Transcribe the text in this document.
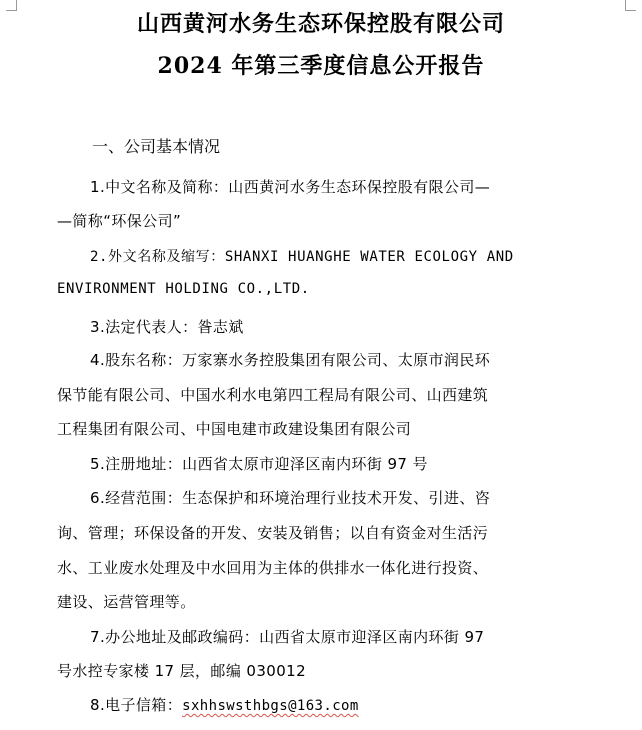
山西黄河水务生态环保控股有限公司
2024 年第三季度信息公开报告
一、公司基本情况
1.中文名称及简称：山西黄河水务生态环保控股有限公司—
—简称“环保公司”
2.外文名称及缩写：SHANXI HUANGHE WATER ECOLOGY AND
ENVIRONMENT HOLDING CO.,LTD.
3.法定代表人：昝志斌
4.股东名称：万家寨水务控股集团有限公司、太原市润民环
保节能有限公司、中国水利水电第四工程局有限公司、山西建筑
工程集团有限公司、中国电建市政建设集团有限公司
5.注册地址：山西省太原市迎泽区南内环街 97 号
6.经营范围：生态保护和环境治理行业技术开发、引进、咨
询、管理；环保设备的开发、安装及销售；以自有资金对生活污
水、工业废水处理及中水回用为主体的供排水一体化进行投资、
建设、运营管理等。
7.办公地址及邮政编码：山西省太原市迎泽区南内环街 97
号水控专家楼 17 层，邮编 030012
8.电子信箱：sxhhswsthbgs@163.com
